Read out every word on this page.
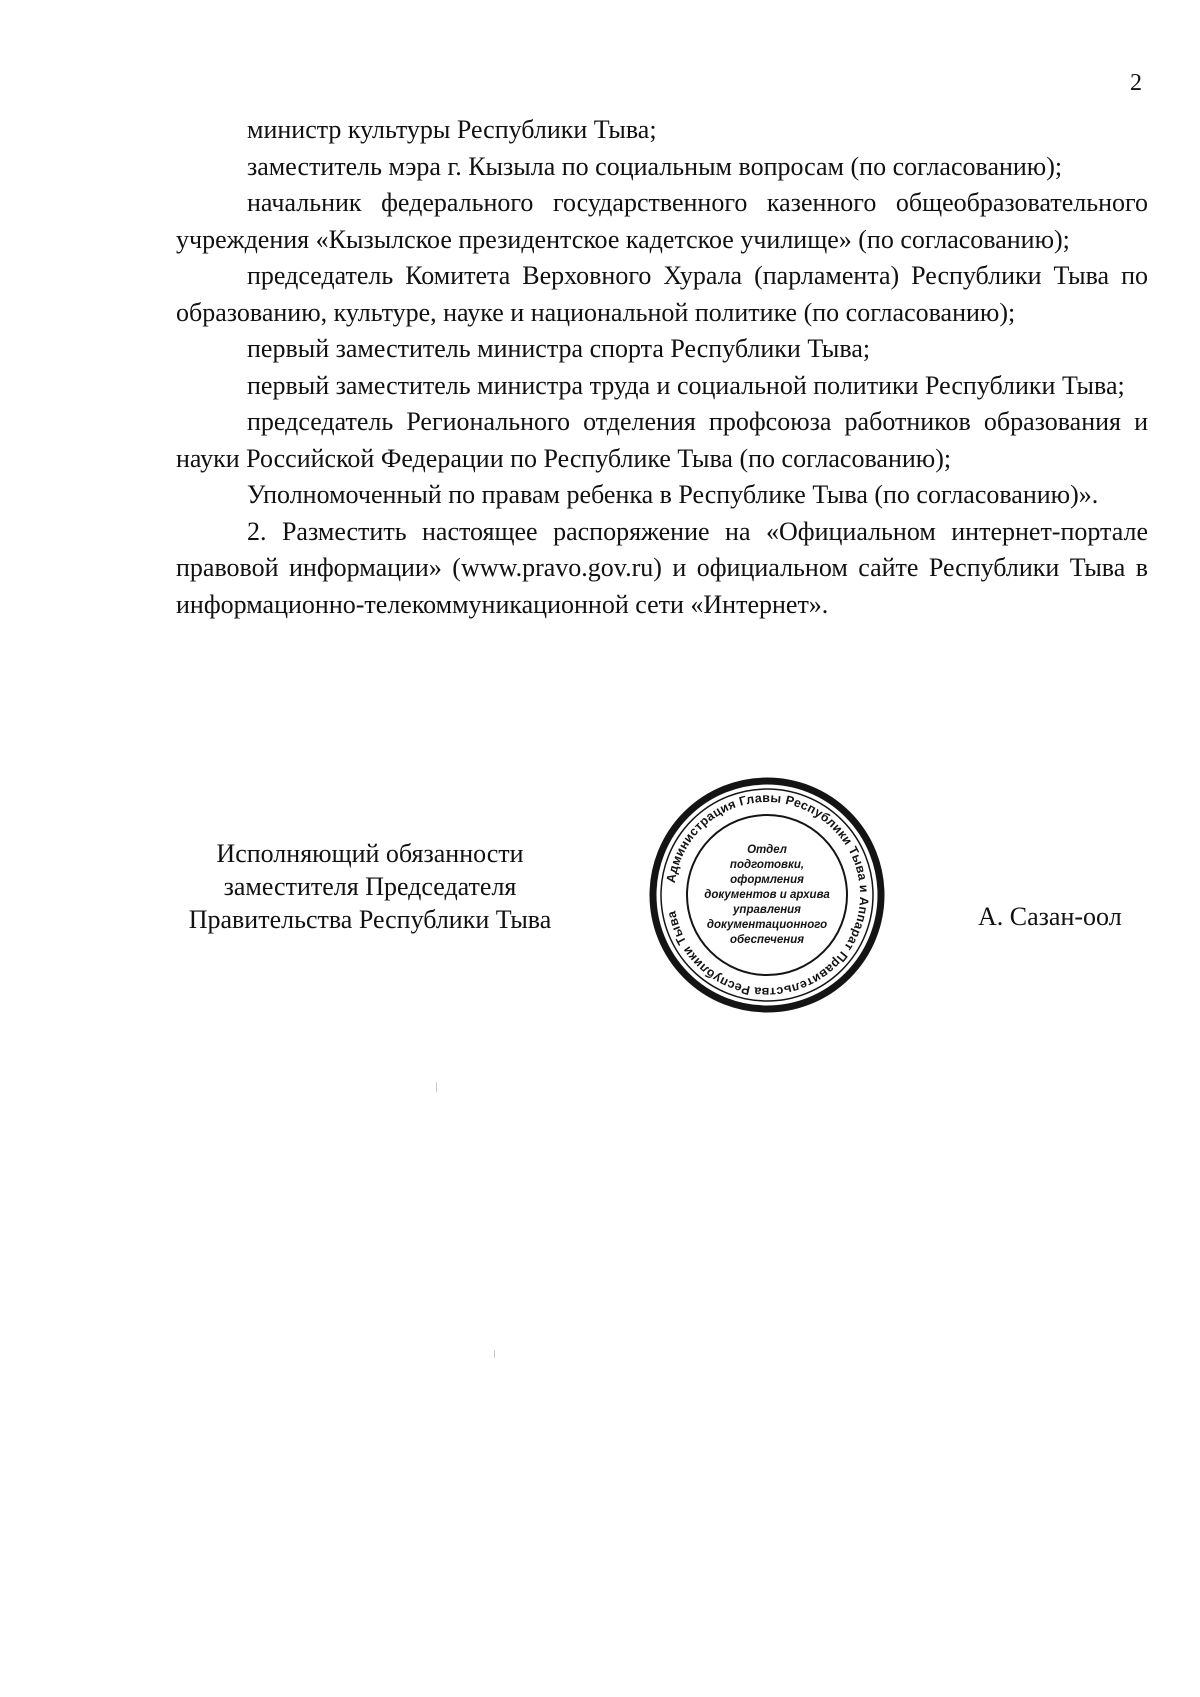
2

министр культуры Республики Тыва;

заместитель мэра г. Кызыла по социальным вопросам (по согласованию);

начальник федерального государственного казенного общеобразовательного учреждения «Кызылское президентское кадетское училище» (по согласованию);

председатель Комитета Верховного Хурала (парламента) Республики Тыва по образованию, культуре, науке и национальной политике (по согласованию);

первый заместитель министра спорта Республики Тыва;

первый заместитель министра труда и социальной политики Республики Тыва;

председатель Регионального отделения профсоюза работников образования и науки Российской Федерации по Республике Тыва (по согласованию);

Уполномоченный по правам ребенка в Республике Тыва (по согласованию)».

2. Разместить настоящее распоряжение на «Официальном интернет-портале правовой информации» (www.pravo.gov.ru) и официальном сайте Республики Тыва в информационно-телекоммуникационной сети «Интернет».

Исполняющий обязанности
заместителя Председателя
Правительства Республики Тыва	А. Сазан-оол
Администрация Главы Республики Тыва и Аппарат Правительства Республики Тыва
Отдел
подготовки,
оформления
документов и архива
управления
документационного
обеспечения
